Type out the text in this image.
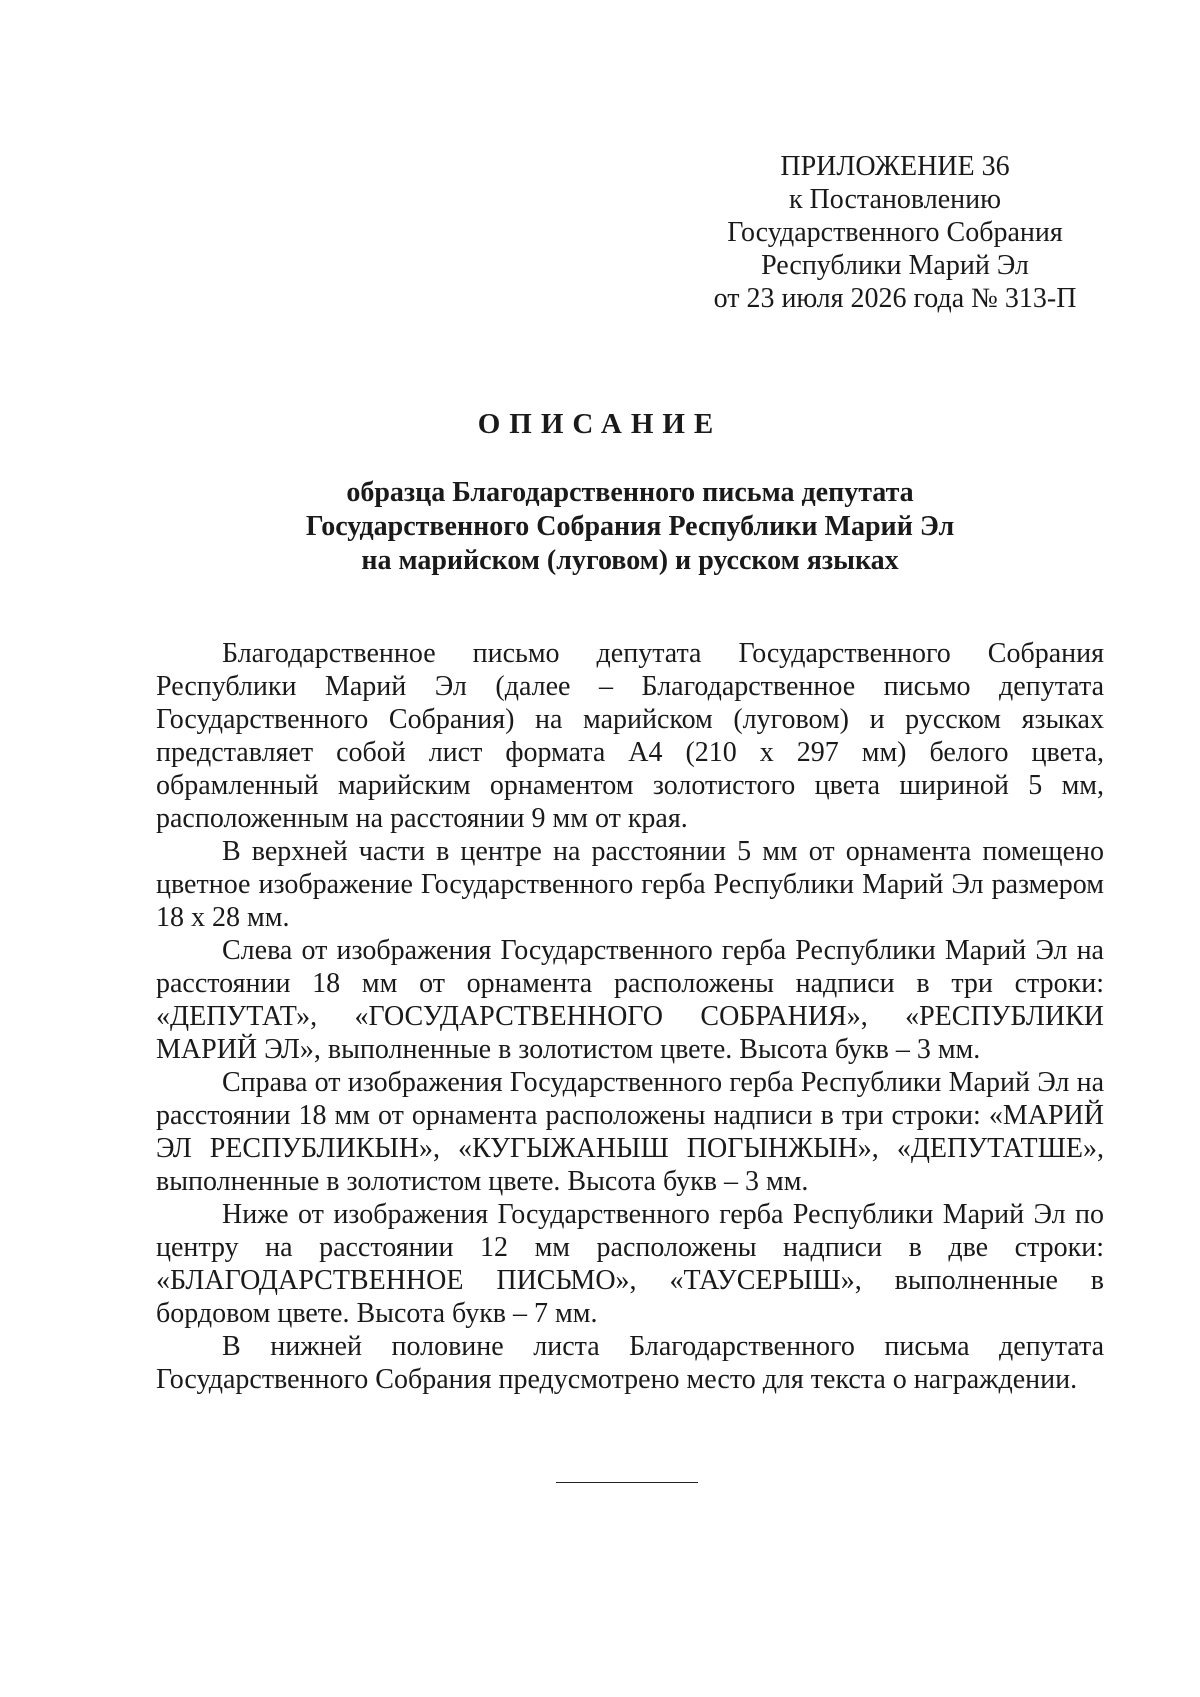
ПРИЛОЖЕНИЕ 36
к Постановлению
Государственного Собрания
Республики Марий Эл
от 23 июля 2026 года № 313-П
ОПИСАНИЕ
образца Благодарственного письма депутата
Государственного Собрания Республики Марий Эл
на марийском (луговом) и русском языках

Благодарственное письмо депутата Государственного Собрания Республики Марий Эл (далее – Благодарственное письмо депутата Государственного Собрания) на марийском (луговом) и русском языках представляет собой лист формата А4 (210 х 297 мм) белого цвета, обрамленный марийским орнаментом золотистого цвета шириной 5 мм, расположенным на расстоянии 9 мм от края.

В верхней части в центре на расстоянии 5 мм от орнамента помещено цветное изображение Государственного герба Республики Марий Эл размером 18 х 28 мм.

Слева от изображения Государственного герба Республики Марий Эл на расстоянии 18 мм от орнамента расположены надписи в три строки: «ДЕПУТАТ», «ГОСУДАРСТВЕННОГО СОБРАНИЯ», «РЕСПУБЛИКИ МАРИЙ ЭЛ», выполненные в золотистом цвете. Высота букв – 3 мм.

Справа от изображения Государственного герба Республики Марий Эл на расстоянии 18 мм от орнамента расположены надписи в три строки: «МАРИЙ ЭЛ РЕСПУБЛИКЫН», «КУГЫЖАНЫШ ПОГЫНЖЫН», «ДЕПУТАТШЕ», выполненные в золотистом цвете. Высота букв – 3 мм.

Ниже от изображения Государственного герба Республики Марий Эл по центру на расстоянии 12 мм расположены надписи в две строки: «БЛАГОДАРСТВЕННОЕ ПИСЬМО», «ТАУСЕРЫШ», выполненные в бордовом цвете. Высота букв – 7 мм.

В нижней половине листа Благодарственного письма депутата Государственного Собрания предусмотрено место для текста о награждении.
